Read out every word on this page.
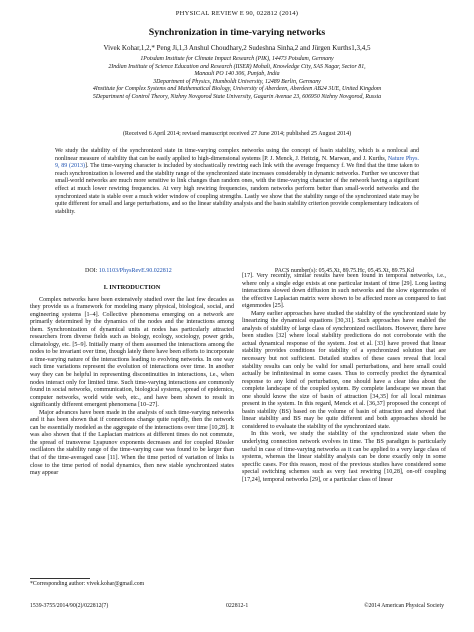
PHYSICAL REVIEW E 90, 022812 (2014)
Synchronization in time-varying networks
Vivek Kohar,1,2,* Peng Ji,1,3 Anshul Choudhary,2 Sudeshna Sinha,2 and Jürgen Kurths1,3,4,5
1Potsdam Institute for Climate Impact Research (PIK), 14473 Potsdam, Germany
2Indian Institute of Science Education and Research (IISER) Mohali, Knowledge City, SAS Nagar, Sector 81,
Manauli PO 140 306, Punjab, India
3Department of Physics, Humboldt University, 12489 Berlin, Germany
4Institute for Complex Systems and Mathematical Biology, University of Aberdeen, Aberdeen AB24 3UE, United Kingdom
5Department of Control Theory, Nizhny Novgorod State University, Gagarin Avenue 23, 606950 Nizhny Novgorod, Russia
(Received 6 April 2014; revised manuscript received 27 June 2014; published 25 August 2014)
We study the stability of the synchronized state in time-varying complex networks using the concept of basin stability, which is a nonlocal and nonlinear measure of stability that can be easily applied to high-dimensional systems [P. J. Menck, J. Heitzig, N. Marwan, and J. Kurths, Nature Phys. 9, 89 (2013)]. The time-varying character is included by stochastically rewiring each link with the average frequency f. We find that the time taken to reach synchronization is lowered and the stability range of the synchronized state increases considerably in dynamic networks. Further we uncover that small-world networks are much more sensitive to link changes than random ones, with the time-varying character of the network having a significant effect at much lower rewiring frequencies. At very high rewiring frequencies, random networks perform better than small-world networks and the synchronized state is stable over a much wider window of coupling strengths. Lastly we show that the stability range of the synchronized state may be quite different for small and large perturbations, and so the linear stability analysis and the basin stability criterion provide complementary indicators of stability.
DOI: 10.1103/PhysRevE.90.022812	PACS number(s): 05.45.Xt, 89.75.Hc, 05.45.Xt, 89.75.Kd
I. INTRODUCTION

Complex networks have been extensively studied over the last few decades as they provide us a framework for modeling many physical, biological, social, and engineering systems [1–4]. Collective phenomena emerging on a network are primarily determined by the dynamics of the nodes and the interactions among them. Synchronization of dynamical units at nodes has particularly attracted researchers from diverse fields such as biology, ecology, sociology, power grids, climatology, etc. [5–9]. Initially many of them assumed the interactions among the nodes to be invariant over time, though lately there have been efforts to incorporate a time-varying nature of the interactions leading to evolving networks. In one way such time variations represent the evolution of interactions over time. In another way they can be helpful in representing discontinuities in interactions, i.e., when nodes interact only for limited time. Such time-varying interactions are commonly found in social networks, communication, biological systems, spread of epidemics, computer networks, world wide web, etc., and have been shown to result in significantly different emergent phenomena [10–27].

Major advances have been made in the analysis of such time-varying networks and it has been shown that if connections change quite rapidly, then the network can be essentially modeled as the aggregate of the interactions over time [10,28]. It was also shown that if the Laplacian matrices at different times do not commute, the spread of transverse Lyapunov exponents decreases and for coupled Rössler oscillators the stability range of the time-varying case was found to be larger than that of the time-averaged case [11]. When the time period of variation of links is close to the time period of nodal dynamics, then new stable synchronized states may appear

[17]. Very recently, similar results have been found in temporal networks, i.e., where only a single edge exists at one particular instant of time [29]. Long lasting interactions slowed down diffusion in such networks and the slow eigenmodes of the effective Laplacian matrix were shown to be affected more as compared to fast eigenmodes [25].

Many earlier approaches have studied the stability of the synchronized state by linearizing the dynamical equations [30,31]. Such approaches have enabled the analysis of stability of large class of synchronized oscillators. However, there have been studies [32] where local stability predictions do not corroborate with the actual dynamical response of the system. Jost et al. [33] have proved that linear stability provides conditions for stability of a synchronized solution that are necessary but not sufficient. Detailed studies of these cases reveal that local stability results can only be valid for small perturbations, and here small could actually be infinitesimal in some cases. Thus to correctly predict the dynamical response to any kind of perturbation, one should have a clear idea about the complete landscape of the coupled system. By complete landscape we mean that one should know the size of basin of attraction [34,35] for all local minimas present in the system. In this regard, Menck et al. [36,37] proposed the concept of basin stability (BS) based on the volume of basin of attraction and showed that linear stability and BS may be quite different and both approaches should be considered to evaluate the stability of the synchronized state.

In this work, we study the stability of the synchronized state when the underlying connection network evolves in time. The BS paradigm is particularly useful in case of time-varying networks as it can be applied to a very large class of systems, whereas the linear stability analysis can be done exactly only in some specific cases. For this reason, most of the previous studies have considered some special switching schemes such as very fast rewiring [10,28], on-off coupling [17,24], temporal networks [29], or a particular class of linear

*Corresponding author: vivek.kohar@gmail.com
1539-3755/2014/90(2)/022812(7)	022812-1	©2014 American Physical Society
